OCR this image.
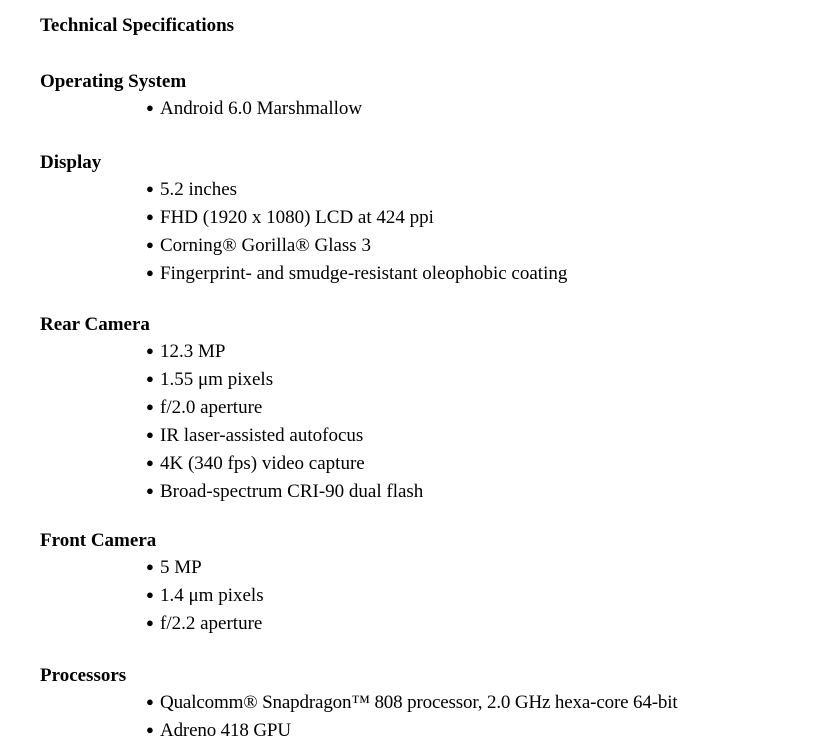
Technical Specifications
Operating System
● Android 6.0 Marshmallow
Display
● 5.2 inches
● FHD (1920 x 1080) LCD at 424 ppi
● Corning® Gorilla® Glass 3
● Fingerprint- and smudge-resistant oleophobic coating
Rear Camera
● 12.3 MP
● 1.55 μm pixels
● f/2.0 aperture
● IR laser-assisted autofocus
● 4K (340 fps) video capture
● Broad-spectrum CRI-90 dual flash
Front Camera
● 5 MP
● 1.4 μm pixels
● f/2.2 aperture
Processors
● Qualcomm® Snapdragon™ 808 processor, 2.0 GHz hexa-core 64-bit
● Adreno 418 GPU
